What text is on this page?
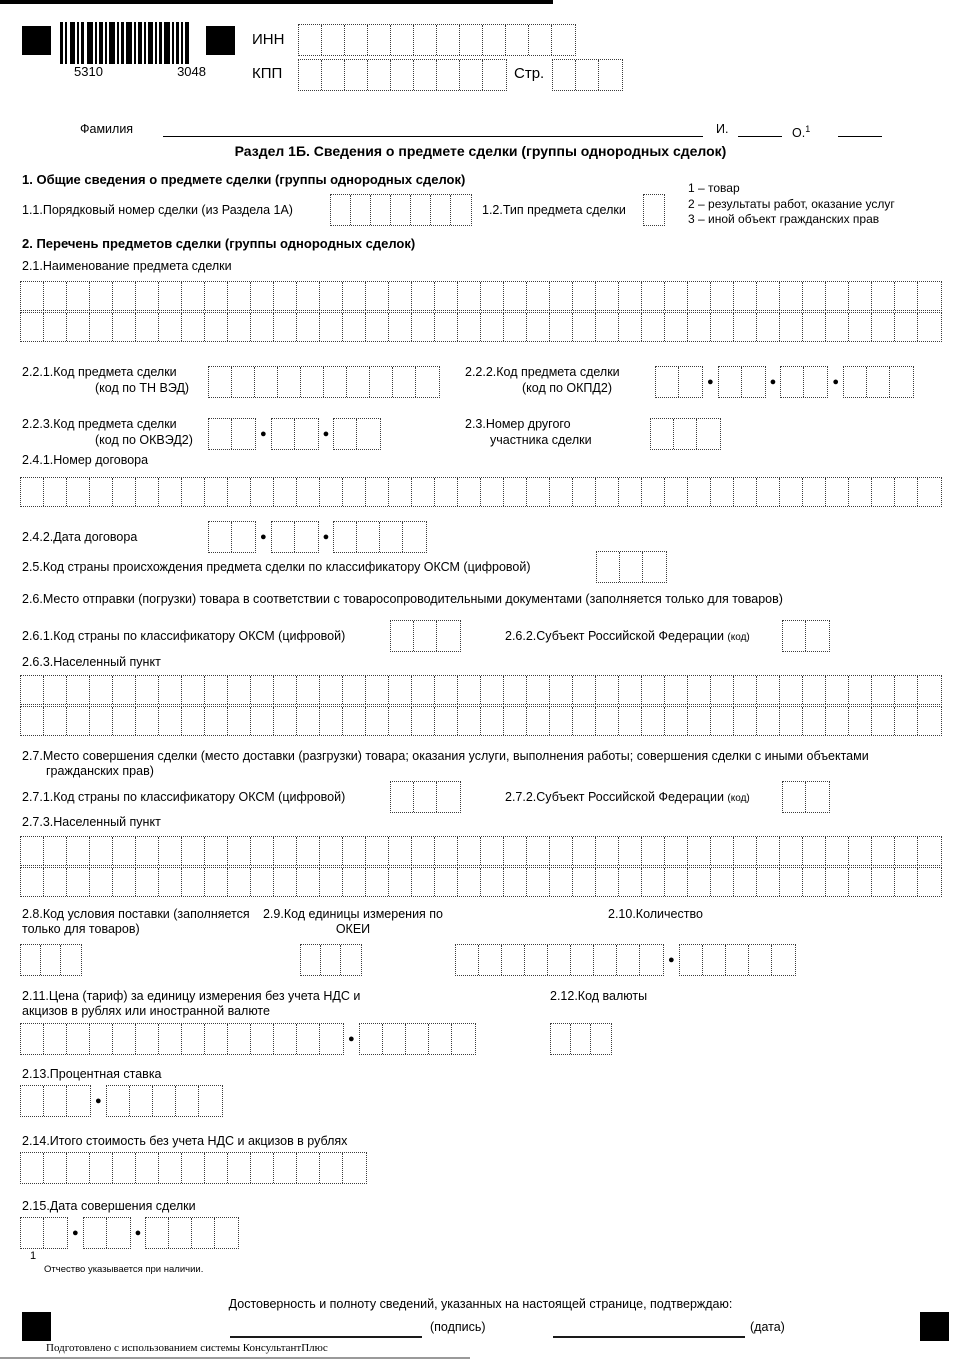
5310	3048
ИНН
КПП	Стр.
Фамилия	И.	О.$^1$
Раздел 1Б. Сведения о предмете сделки (группы однородных сделок)
1. Общие сведения о предмете сделки (группы однородных сделок)
1.1.Порядковый номер сделки (из Раздела 1А)	1.2.Тип предмета сделки
1 – товар
2 – результаты работ, оказание услуг
3 – иной объект гражданских прав
2. Перечень предметов сделки (группы однородных сделок)
2.1.Наименование предмета сделки
2.2.1.Код предмета сделки
(код по ТН ВЭД)
2.2.2.Код предмета сделки
(код по ОКПД2)	●	●	●
2.2.3.Код предмета сделки
(код по ОКВЭД2)	●	●
2.3.Номер другого
участника сделки
2.4.1.Номер договора
2.4.2.Дата договора	●	●
2.5.Код страны происхождения предмета сделки по классификатору ОКСМ (цифровой)
2.6.Место отправки (погрузки) товара в соответствии с товаросопроводительными документами (заполняется только для товаров)
2.6.1.Код страны по классификатору ОКСМ (цифровой)	2.6.2.Субъект Российской Федерации (код)
2.6.3.Населенный пункт
2.7.Место совершения сделки (место доставки (разгрузки) товара; оказания услуги, выполнения работы; совершения сделки с иными объектами гражданских прав)
2.7.1.Код страны по классификатору ОКСМ (цифровой)	2.7.2.Субъект Российской Федерации (код)
2.7.3.Населенный пункт
2.8.Код условия поставки (заполняется только для товаров)
2.9.Код единицы измерения по ОКЕИ
2.10.Количество
●
2.11.Цена (тариф) за единицу измерения без учета НДС и акцизов в рублях или иностранной валюте
2.12.Код валюты
●
2.13.Процентная ставка
●
2.14.Итого стоимость без учета НДС и акцизов в рублях
2.15.Дата совершения сделки
●	●
1
Отчество указывается при наличии.
Достоверность и полноту сведений, указанных на настоящей странице, подтверждаю:
(подпись)	(дата)
Подготовлено с использованием системы КонсультантПлюс
